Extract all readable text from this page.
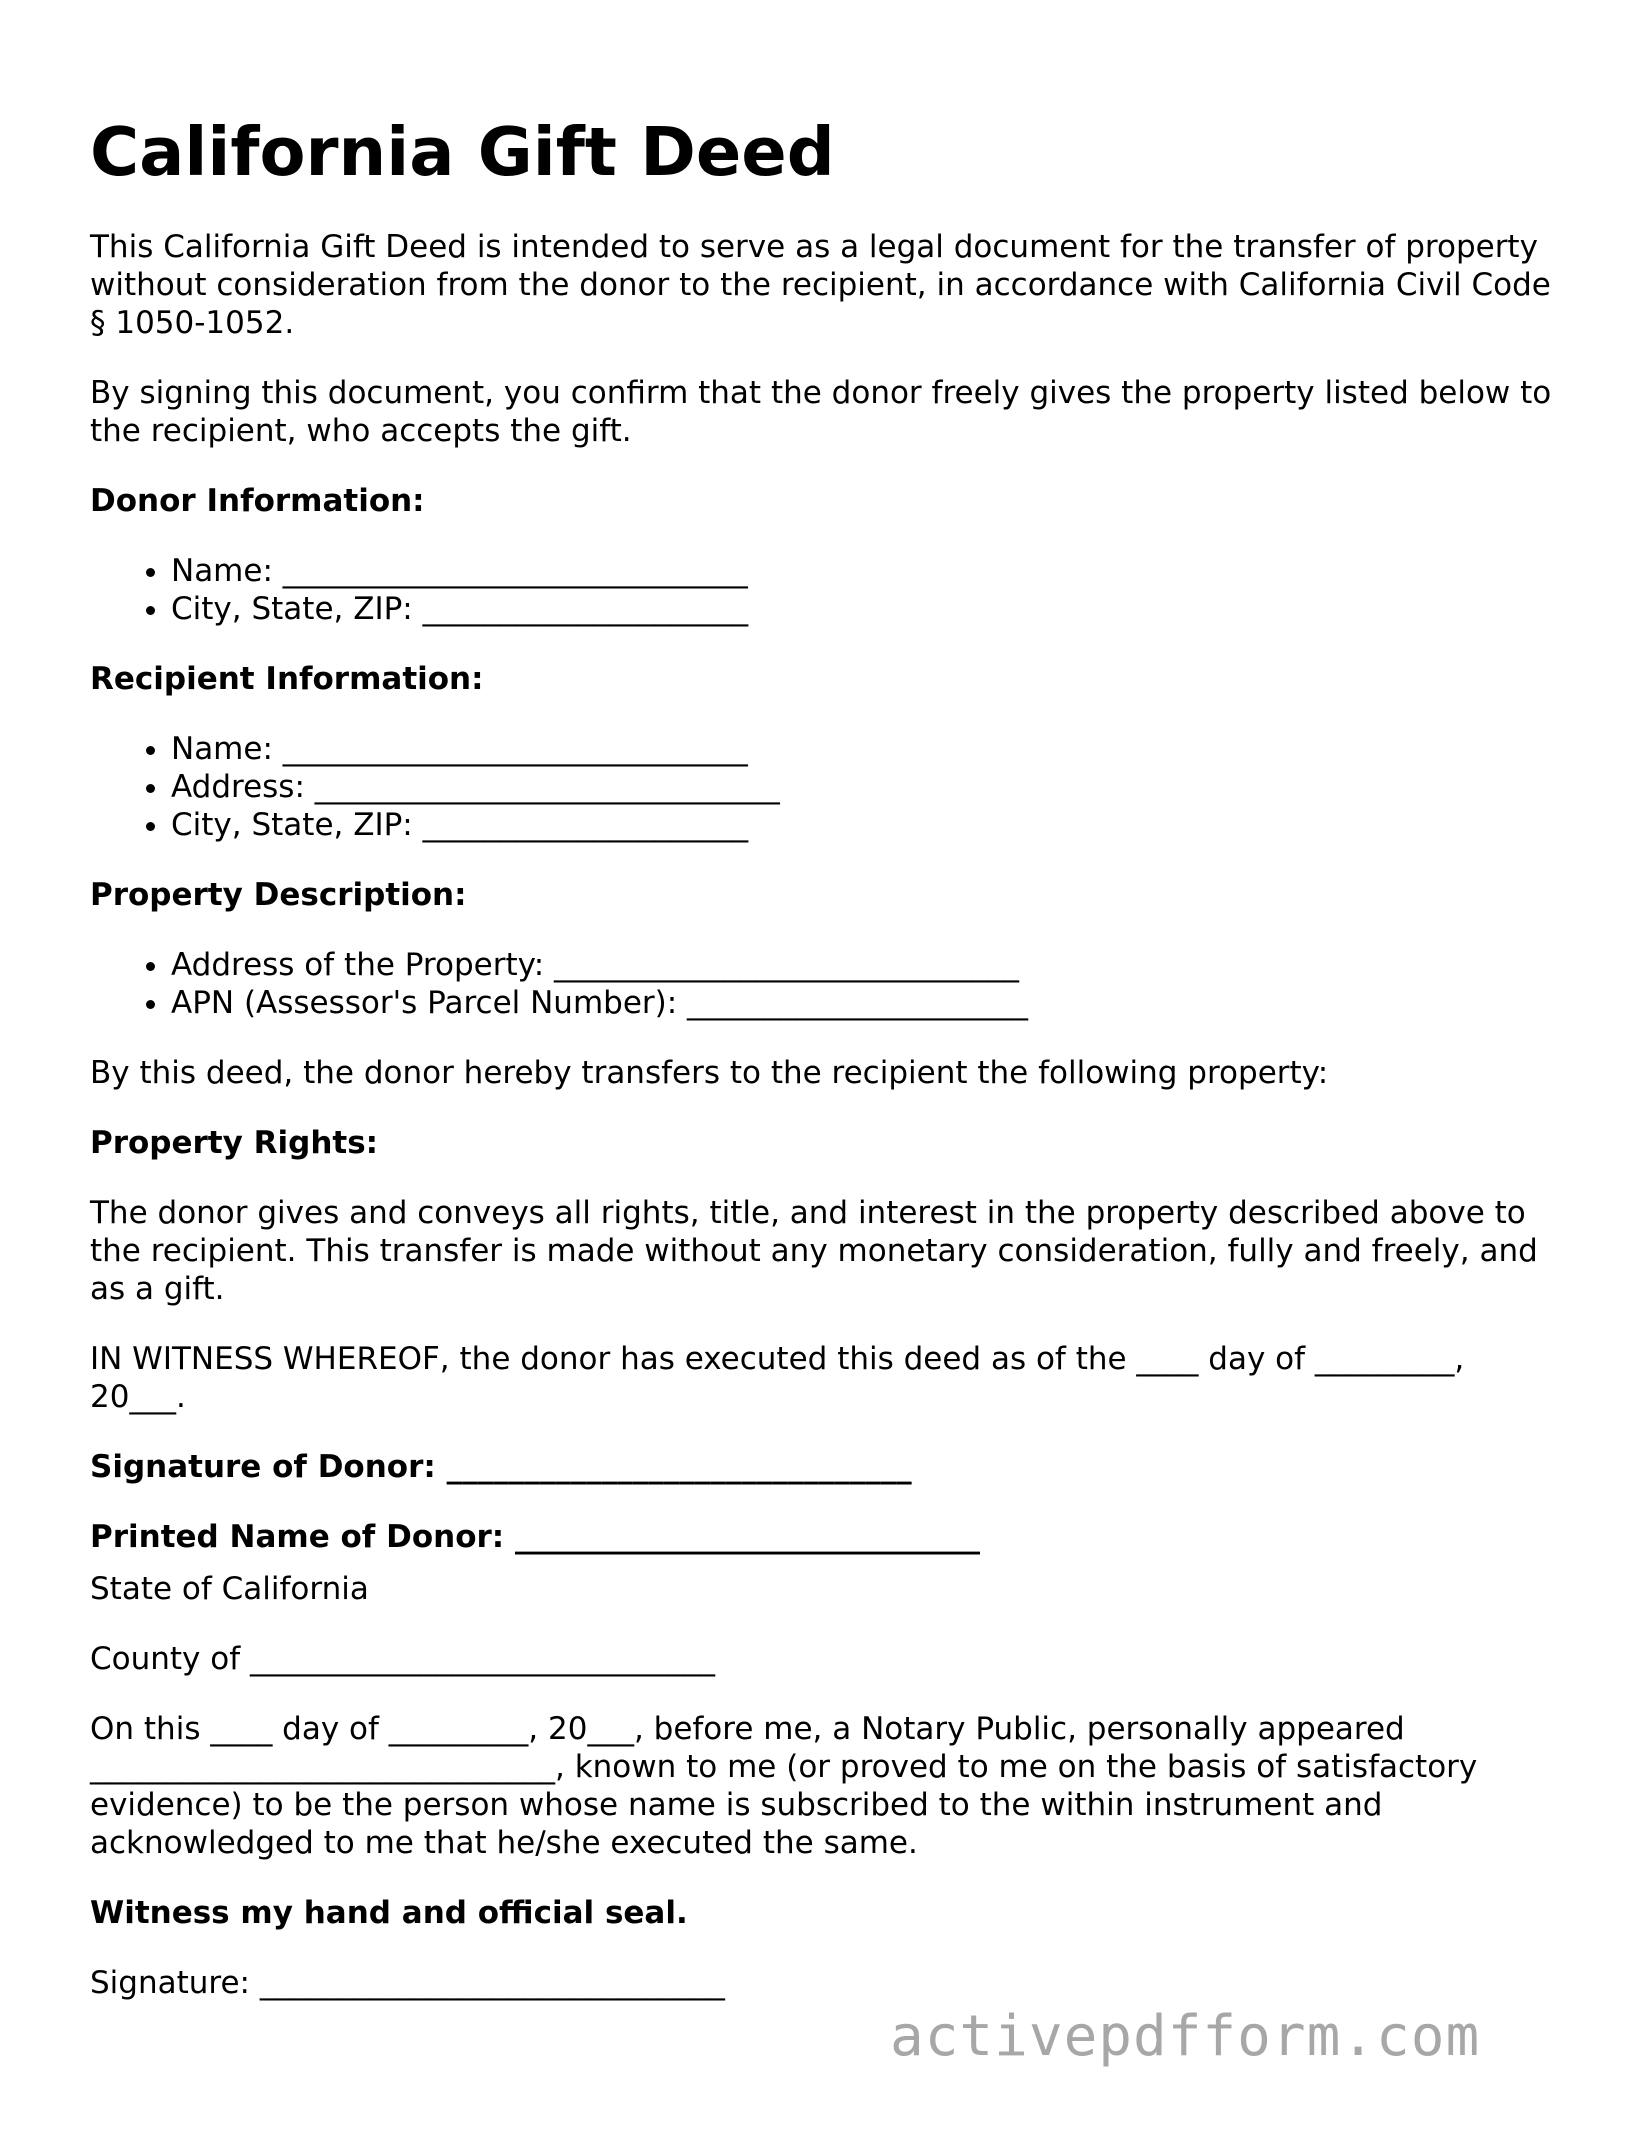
California Gift Deed

This California Gift Deed is intended to serve as a legal document for the transfer of property without consideration from the donor to the recipient, in accordance with California Civil Code § 1050-1052.

By signing this document, you confirm that the donor freely gives the property listed below to the recipient, who accepts the gift.

Donor Information:
• Name: ______________________________
• City, State, ZIP: _____________________
Recipient Information:
• Name: ______________________________
• Address: ______________________________
• City, State, ZIP: _____________________
Property Description:
• Address of the Property: ______________________________
• APN (Assessor's Parcel Number): ______________________

By this deed, the donor hereby transfers to the recipient the following property:

Property Rights:

The donor gives and conveys all rights, title, and interest in the property described above to the recipient. This transfer is made without any monetary consideration, fully and freely, and as a gift.

IN WITNESS WHEREOF, the donor has executed this deed as of the ____ day of _________,
20___.

Signature of Donor: ______________________________
Printed Name of Donor: ______________________________

State of California

County of ______________________________

On this ____ day of _________, 20___, before me, a Notary Public, personally appeared
______________________________, known to me (or proved to me on the basis of satisfactory
evidence) to be the person whose name is subscribed to the within instrument and
acknowledged to me that he/she executed the same.

Witness my hand and official seal.

Signature: ______________________________

activepdfform.com
